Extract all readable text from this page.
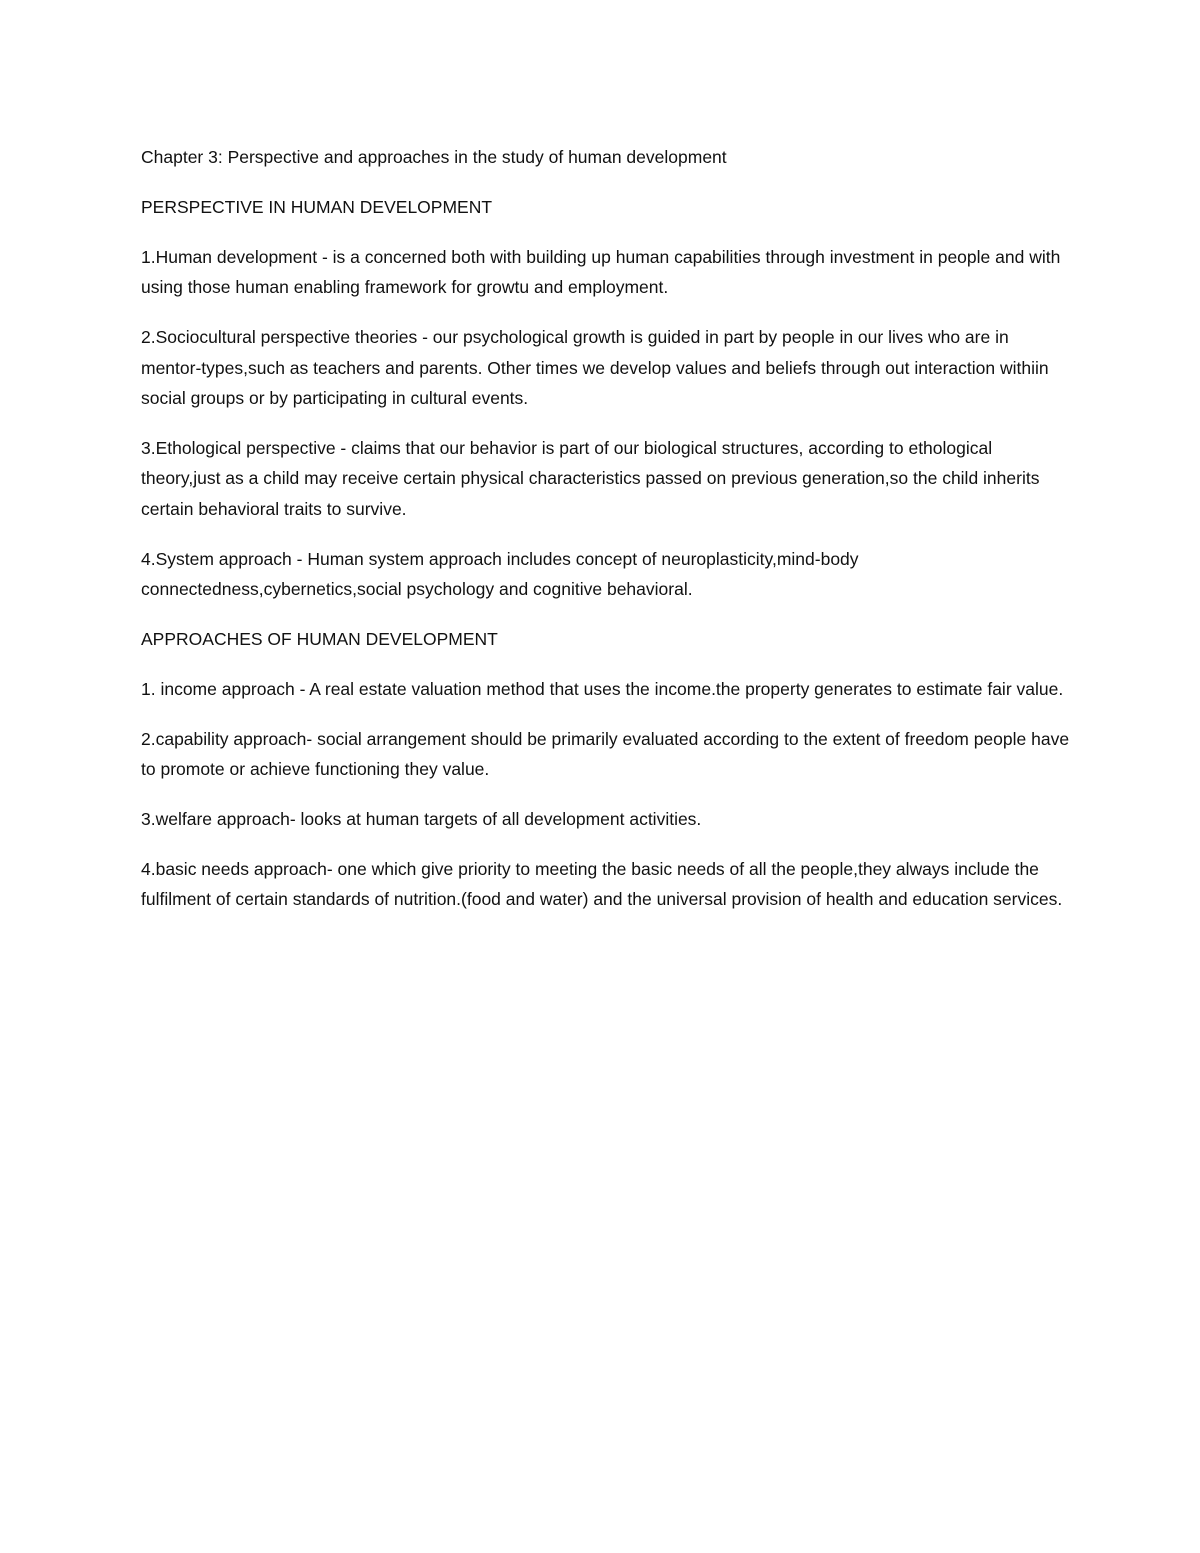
Chapter 3: Perspective and approaches in the study of human development

PERSPECTIVE IN HUMAN DEVELOPMENT

1.Human development - is a concerned both with building up human capabilities through investment in people and with using those human enabling framework for growtu and employment.

2.Sociocultural perspective theories - our psychological growth is guided in part by people in our lives who are in mentor-types,such as teachers and parents. Other times we develop values and beliefs through out interaction withiin social groups or by participating in cultural events.

3.Ethological perspective - claims that our behavior is part of our biological structures, according to ethological theory,just as a child may receive certain physical characteristics passed on previous generation,so the child inherits certain behavioral traits to survive.

4.System approach - Human system approach includes concept of neuroplasticity,mind-body connectedness,cybernetics,social psychology and cognitive behavioral.

APPROACHES OF HUMAN DEVELOPMENT

1. income approach - A real estate valuation method that uses the income.the property generates to estimate fair value.

2.capability approach- social arrangement should be primarily evaluated according to the extent of freedom people have to promote or achieve functioning they value.

3.welfare approach- looks at human targets of all development activities.

4.basic needs approach- one which give priority to meeting the basic needs of all the people,they always include the fulfilment of certain standards of nutrition.(food and water) and the universal provision of health and education services.
